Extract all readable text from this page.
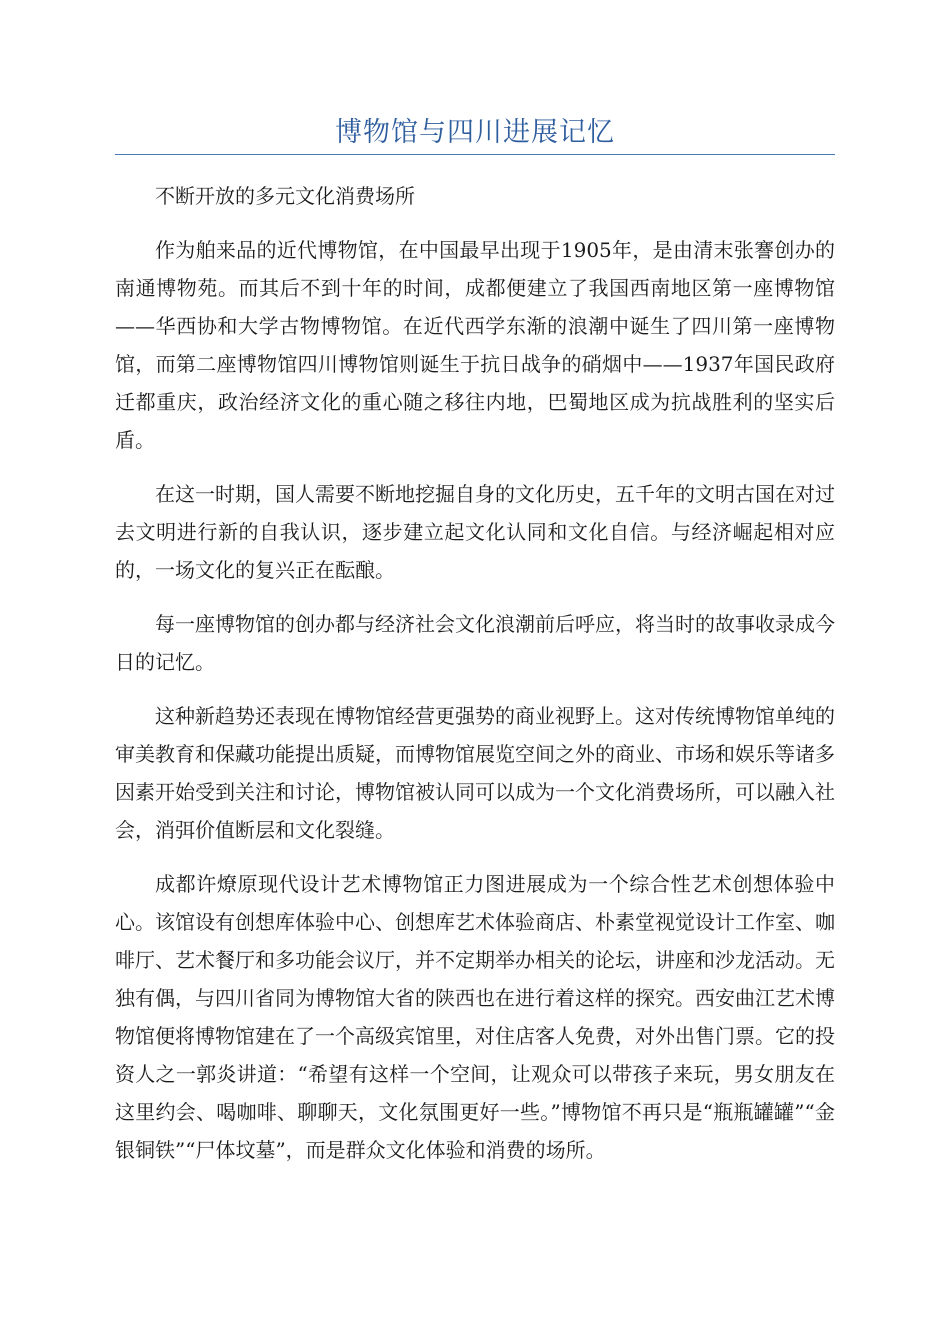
博物馆与四川进展记忆

不断开放的多元文化消费场所

作为舶来品的近代博物馆，在中国最早出现于1905年，是由清末张謇创办的南通博物苑。而其后不到十年的时间，成都便建立了我国西南地区第一座博物馆——华西协和大学古物博物馆。在近代西学东渐的浪潮中诞生了四川第一座博物馆，而第二座博物馆四川博物馆则诞生于抗日战争的硝烟中——1937年国民政府迁都重庆，政治经济文化的重心随之移往内地，巴蜀地区成为抗战胜利的坚实后盾。

在这一时期，国人需要不断地挖掘自身的文化历史，五千年的文明古国在对过去文明进行新的自我认识，逐步建立起文化认同和文化自信。与经济崛起相对应的，一场文化的复兴正在酝酿。

每一座博物馆的创办都与经济社会文化浪潮前后呼应，将当时的故事收录成今日的记忆。

这种新趋势还表现在博物馆经营更强势的商业视野上。这对传统博物馆单纯的审美教育和保藏功能提出质疑，而博物馆展览空间之外的商业、市场和娱乐等诸多因素开始受到关注和讨论，博物馆被认同可以成为一个文化消费场所，可以融入社会，消弭价值断层和文化裂缝。

成都许燎原现代设计艺术博物馆正力图进展成为一个综合性艺术创想体验中心。该馆设有创想库体验中心、创想库艺术体验商店、朴素堂视觉设计工作室、咖啡厅、艺术餐厅和多功能会议厅，并不定期举办相关的论坛，讲座和沙龙活动。无独有偶，与四川省同为博物馆大省的陕西也在进行着这样的探究。西安曲江艺术博物馆便将博物馆建在了一个高级宾馆里，对住店客人免费，对外出售门票。它的投资人之一郭炎讲道：“希望有这样一个空间，让观众可以带孩子来玩，男女朋友在这里约会、喝咖啡、聊聊天，文化氛围更好一些。”博物馆不再只是“瓶瓶罐罐”“金银铜铁”“尸体坟墓”，而是群众文化体验和消费的场所。
